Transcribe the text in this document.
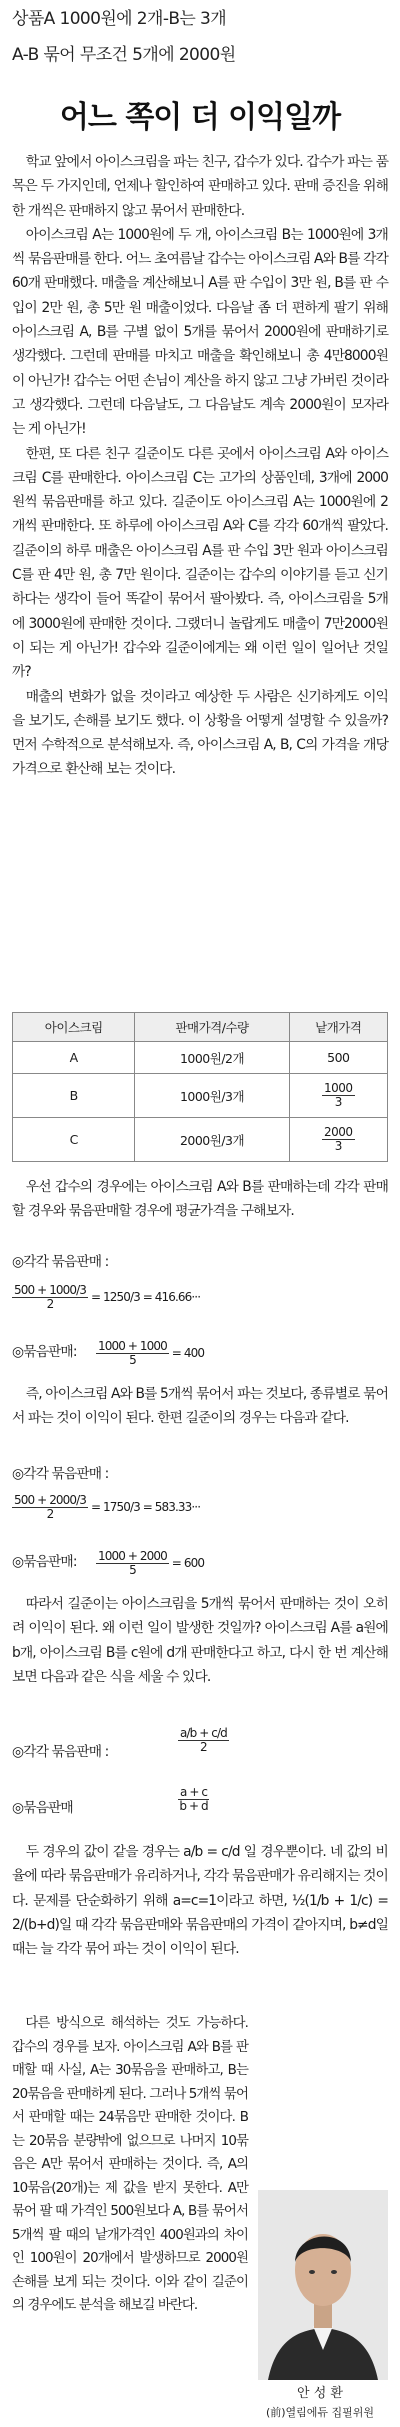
상품A 1000원에 2개-B는 3개
A-B 묶어 무조건 5개에 2000원
어느 쪽이 더 이익일까

학교 앞에서 아이스크림을 파는 친구, 갑수가 있다. 갑수가 파는 품목은 두 가지인데, 언제나 할인하여 판매하고 있다. 판매 증진을 위해 한 개씩은 판매하지 않고 묶어서 판매한다.

아이스크림 A는 1000원에 두 개, 아이스크림 B는 1000원에 3개씩 묶음판매를 한다. 어느 초여름날 갑수는 아이스크림 A와 B를 각각 60개 판매했다. 매출을 계산해보니 A를 판 수입이 3만 원, B를 판 수입이 2만 원, 총 5만 원 매출이었다. 다음날 좀 더 편하게 팔기 위해 아이스크림 A, B를 구별 없이 5개를 묶어서 2000원에 판매하기로 생각했다. 그런데 판매를 마치고 매출을 확인해보니 총 4만8000원이 아닌가! 갑수는 어떤 손님이 계산을 하지 않고 그냥 가버린 것이라고 생각했다. 그런데 다음날도, 그 다음날도 계속 2000원이 모자라는 게 아닌가!

한편, 또 다른 친구 길준이도 다른 곳에서 아이스크림 A와 아이스크림 C를 판매한다. 아이스크림 C는 고가의 상품인데, 3개에 2000원씩 묶음판매를 하고 있다. 길준이도 아이스크림 A는 1000원에 2개씩 판매한다. 또 하루에 아이스크림 A와 C를 각각 60개씩 팔았다. 길준이의 하루 매출은 아이스크림 A를 판 수입 3만 원과 아이스크림 C를 판 4만 원, 총 7만 원이다. 길준이는 갑수의 이야기를 듣고 신기하다는 생각이 들어 똑같이 묶어서 팔아봤다. 즉, 아이스크림을 5개에 3000원에 판매한 것이다. 그랬더니 놀랍게도 매출이 7만2000원이 되는 게 아닌가! 갑수와 길준이에게는 왜 이런 일이 일어난 것일까?

매출의 변화가 없을 것이라고 예상한 두 사람은 신기하게도 이익을 보기도, 손해를 보기도 했다. 이 상황을 어떻게 설명할 수 있을까? 먼저 수학적으로 분석해보자. 즉, 아이스크림 A, B, C의 가격을 개당 가격으로 환산해 보는 것이다.

아이스크림	판매가격/수량	낱개가격
A	1000원/2개	500
B	1000원/3개	$\frac{1000}{3}$

C	2000원/3개	$\frac{2000}{3}$
우선 갑수의 경우에는 아이스크림 A와 B를 판매하는데 각각 판매할 경우와 묶음판매할 경우에 평균가격을 구해보자.
◎각각 묶음판매 :
$\frac{500 + 1000/3}{2} = 1250/3 = 416.66\cdot\cdot\cdot$
◎묶음판매: $\frac{1000 + 1000}{5} = 400$
즉, 아이스크림 A와 B를 5개씩 묶어서 파는 것보다, 종류별로 묶어서 파는 것이 이익이 된다. 한편 길준이의 경우는 다음과 같다.
◎각각 묶음판매 :
$\frac{500 + 2000/3}{2} = 1750/3 = 583.33\cdot\cdot\cdot$
◎묶음판매: $\frac{1000 + 2000}{5} = 600$
따라서 길준이는 아이스크림을 5개씩 묶어서 판매하는 것이 오히려 이익이 된다. 왜 이런 일이 발생한 것일까? 아이스크림 A를 a원에 b개, 아이스크림 B를 c원에 d개 판매한다고 하고, 다시 한 번 계산해보면 다음과 같은 식을 세울 수 있다.
◎각각 묶음판매 :	$\frac{a/b + c/d}{2}$
◎묶음판매	$\frac{a + c}{b + d}$
두 경우의 값이 같을 경우는 a/b = c/d 일 경우뿐이다. 네 값의 비율에 따라 묶음판매가 유리하거나, 각각 묶음판매가 유리해지는 것이다. 문제를 단순화하기 위해 a=c=1이라고 하면, ½(1/b + 1/c) = 2/(b+d)일 때 각각 묶음판매와 묶음판매의 가격이 같아지며, b≠d일 때는 늘 각각 묶어 파는 것이 이익이 된다.
다른 방식으로 해석하는 것도 가능하다. 갑수의 경우를 보자. 아이스크림 A와 B를 판매할 때 사실, A는 30묶음을 판매하고, B는 20묶음을 판매하게 된다. 그러나 5개씩 묶어서 판매할 때는 24묶음만 판매한 것이다. B는 20묶음 분량밖에 없으므로 나머지 10묶음은 A만 묶어서 판매하는 것이다. 즉, A의 10묶음(20개)는 제 값을 받지 못한다. A만 묶어 팔 때 가격인 500원보다 A, B를 묶어서 5개씩 팔 때의 낱개가격인 400원과의 차이인 100원이 20개에서 발생하므로 2000원 손해를 보게 되는 것이다. 이와 같이 길준이의 경우에도 분석을 해보길 바란다.
안 성 환
(前)열림에듀 집필위원
